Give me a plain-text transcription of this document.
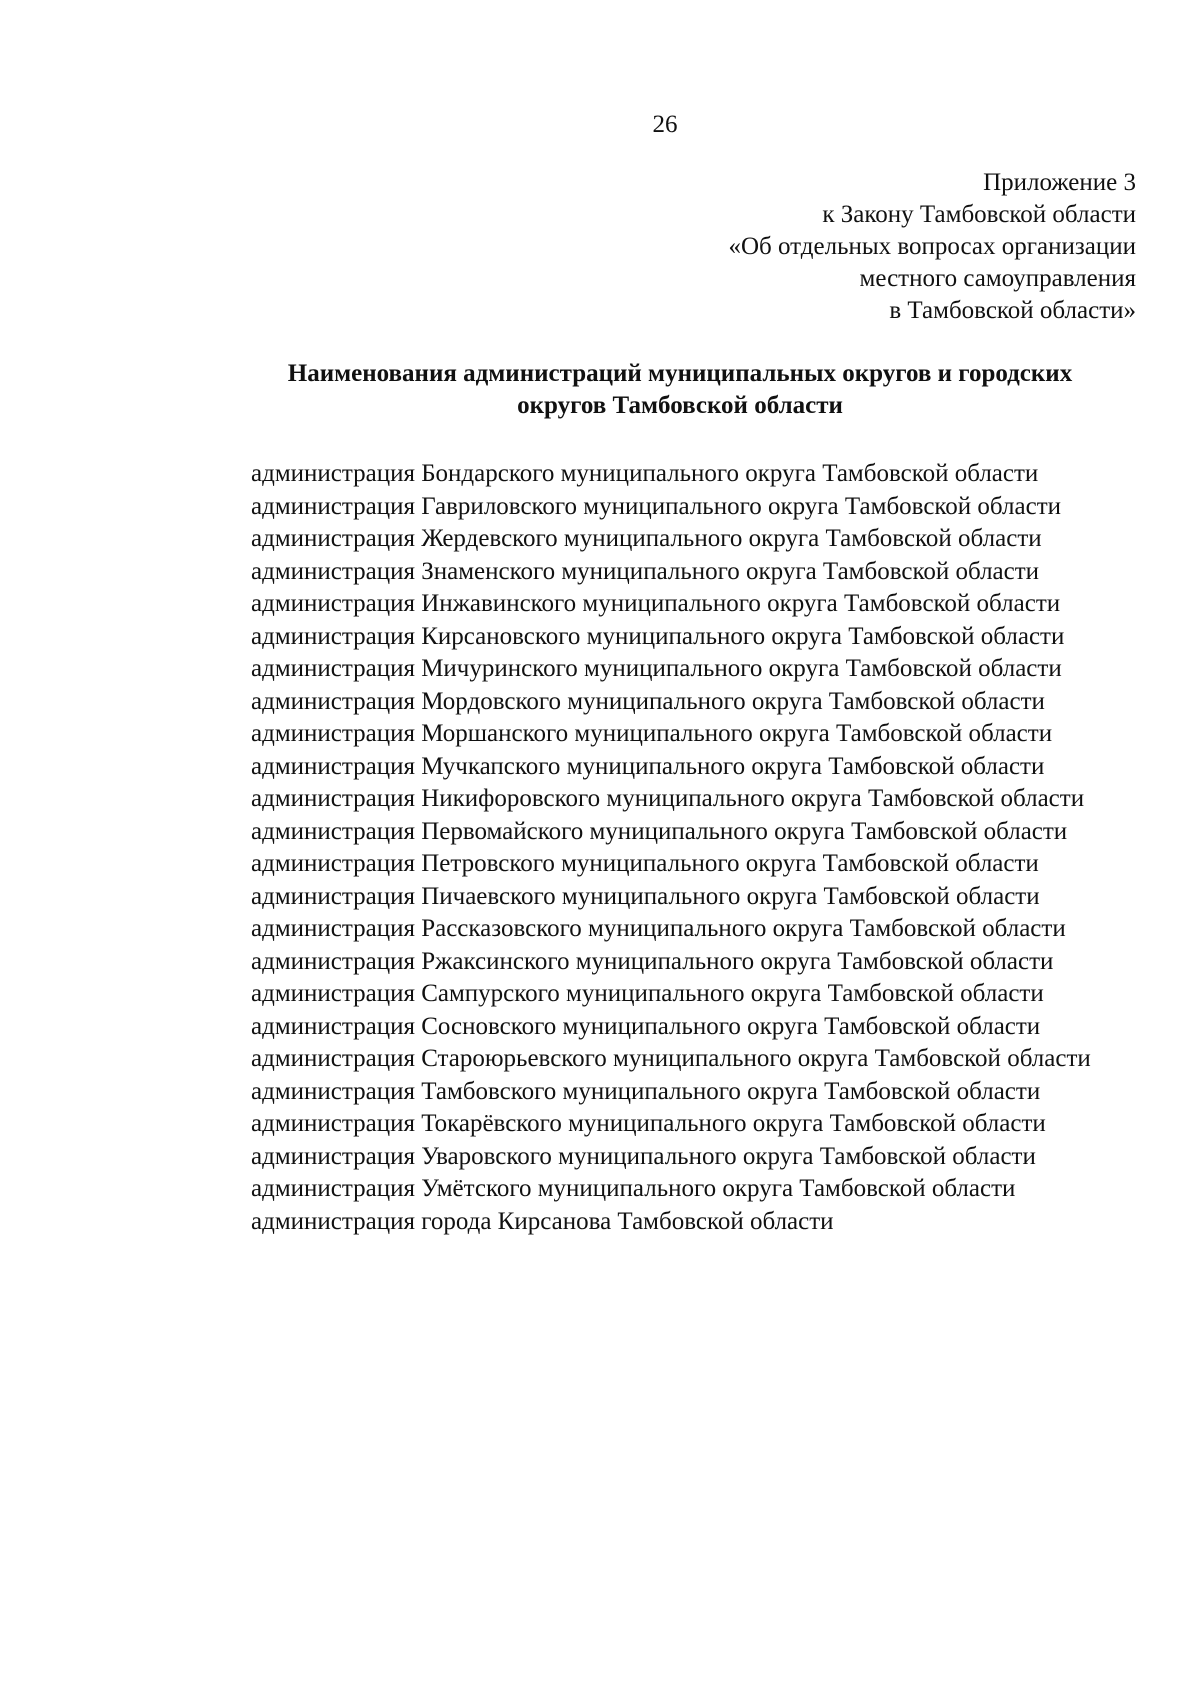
26
Приложение 3
к Закону Тамбовской области
«Об отдельных вопросах организации
местного самоуправления
в Тамбовской области»
Наименования администраций муниципальных округов и городских
округов Тамбовской области
администрация Бондарского муниципального округа Тамбовской области
администрация Гавриловского муниципального округа Тамбовской области
администрация Жердевского муниципального округа Тамбовской области
администрация Знаменского муниципального округа Тамбовской области
администрация Инжавинского муниципального округа Тамбовской области
администрация Кирсановского муниципального округа Тамбовской области
администрация Мичуринского муниципального округа Тамбовской области
администрация Мордовского муниципального округа Тамбовской области
администрация Моршанского муниципального округа Тамбовской области
администрация Мучкапского муниципального округа Тамбовской области
администрация Никифоровского муниципального округа Тамбовской области
администрация Первомайского муниципального округа Тамбовской области
администрация Петровского муниципального округа Тамбовской области
администрация Пичаевского муниципального округа Тамбовской области
администрация Рассказовского муниципального округа Тамбовской области
администрация Ржаксинского муниципального округа Тамбовской области
администрация Сампурского муниципального округа Тамбовской области
администрация Сосновского муниципального округа Тамбовской области
администрация Староюрьевского муниципального округа Тамбовской области
администрация Тамбовского муниципального округа Тамбовской области
администрация Токарёвского муниципального округа Тамбовской области
администрация Уваровского муниципального округа Тамбовской области
администрация Умётского муниципального округа Тамбовской области
администрация города Кирсанова Тамбовской области
